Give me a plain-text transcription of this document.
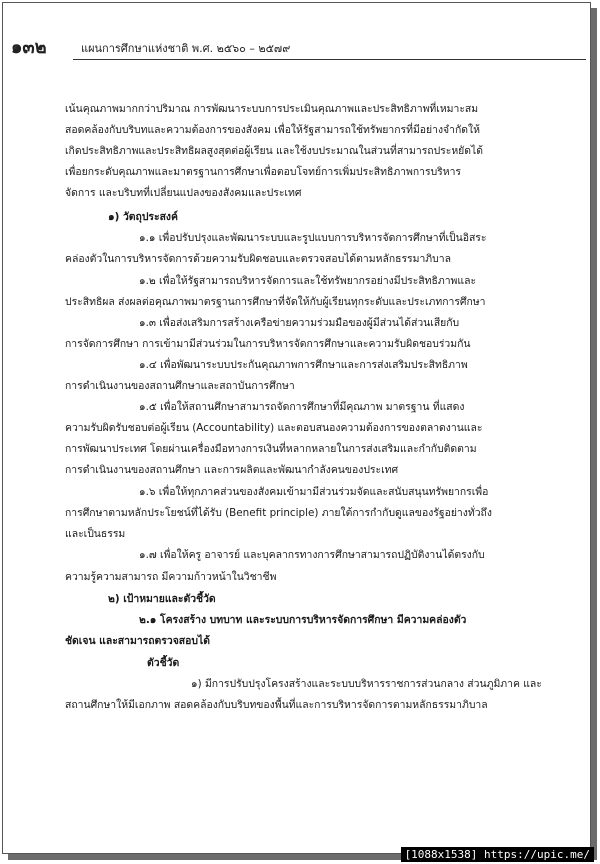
๑๓๒	แผนการศึกษาแห่งชาติ พ.ศ. ๒๕๖๐ – ๒๕๗๙
เน้นคุณภาพมากกว่าปริมาณ การพัฒนาระบบการประเมินคุณภาพและประสิทธิภาพที่เหมาะสม
สอดคล้องกับบริบทและความต้องการของสังคม เพื่อให้รัฐสามารถใช้ทรัพยากรที่มีอย่างจำกัดให้
เกิดประสิทธิภาพและประสิทธิผลสูงสุดต่อผู้เรียน และใช้งบประมาณในส่วนที่สามารถประหยัดได้
เพื่อยกระดับคุณภาพและมาตรฐานการศึกษาเพื่อตอบโจทย์การเพิ่มประสิทธิภาพการบริหาร
จัดการ และบริบทที่เปลี่ยนแปลงของสังคมและประเทศ
๑) วัตถุประสงค์
๑.๑ เพื่อปรับปรุงและพัฒนาระบบและรูปแบบการบริหารจัดการศึกษาที่เป็นอิสระ
คล่องตัวในการบริหารจัดการด้วยความรับผิดชอบและตรวจสอบได้ตามหลักธรรมาภิบาล
๑.๒ เพื่อให้รัฐสามารถบริหารจัดการและใช้ทรัพยากรอย่างมีประสิทธิภาพและ
ประสิทธิผล ส่งผลต่อคุณภาพมาตรฐานการศึกษาที่จัดให้กับผู้เรียนทุกระดับและประเภทการศึกษา
๑.๓ เพื่อส่งเสริมการสร้างเครือข่ายความร่วมมือของผู้มีส่วนได้ส่วนเสียกับ
การจัดการศึกษา การเข้ามามีส่วนร่วมในการบริหารจัดการศึกษาและความรับผิดชอบร่วมกัน
๑.๔ เพื่อพัฒนาระบบประกันคุณภาพการศึกษาและการส่งเสริมประสิทธิภาพ
การดำเนินงานของสถานศึกษาและสถาบันการศึกษา
๑.๕ เพื่อให้สถานศึกษาสามารถจัดการศึกษาที่มีคุณภาพ มาตรฐาน ที่แสดง
ความรับผิดรับชอบต่อผู้เรียน (Accountability) และตอบสนองความต้องการของตลาดงานและ
การพัฒนาประเทศ โดยผ่านเครื่องมือทางการเงินที่หลากหลายในการส่งเสริมและกำกับติดตาม
การดำเนินงานของสถานศึกษา และการผลิตและพัฒนากำลังคนของประเทศ
๑.๖ เพื่อให้ทุกภาคส่วนของสังคมเข้ามามีส่วนร่วมจัดและสนับสนุนทรัพยากรเพื่อ
การศึกษาตามหลักประโยชน์ที่ได้รับ (Benefit principle) ภายใต้การกำกับดูแลของรัฐอย่างทั่วถึง
และเป็นธรรม
๑.๗ เพื่อให้ครู อาจารย์ และบุคลากรทางการศึกษาสามารถปฏิบัติงานได้ตรงกับ
ความรู้ความสามารถ มีความก้าวหน้าในวิชาชีพ
๒) เป้าหมายและตัวชี้วัด
๒.๑ โครงสร้าง บทบาท และระบบการบริหารจัดการศึกษา มีความคล่องตัว
ชัดเจน และสามารถตรวจสอบได้
ตัวชี้วัด
๑) มีการปรับปรุงโครงสร้างและระบบบริหารราชการส่วนกลาง ส่วนภูมิภาค และ
สถานศึกษาให้มีเอกภาพ สอดคล้องกับบริบทของพื้นที่และการบริหารจัดการตามหลักธรรมาภิบาล
[1088x1538] https://upic.me/
